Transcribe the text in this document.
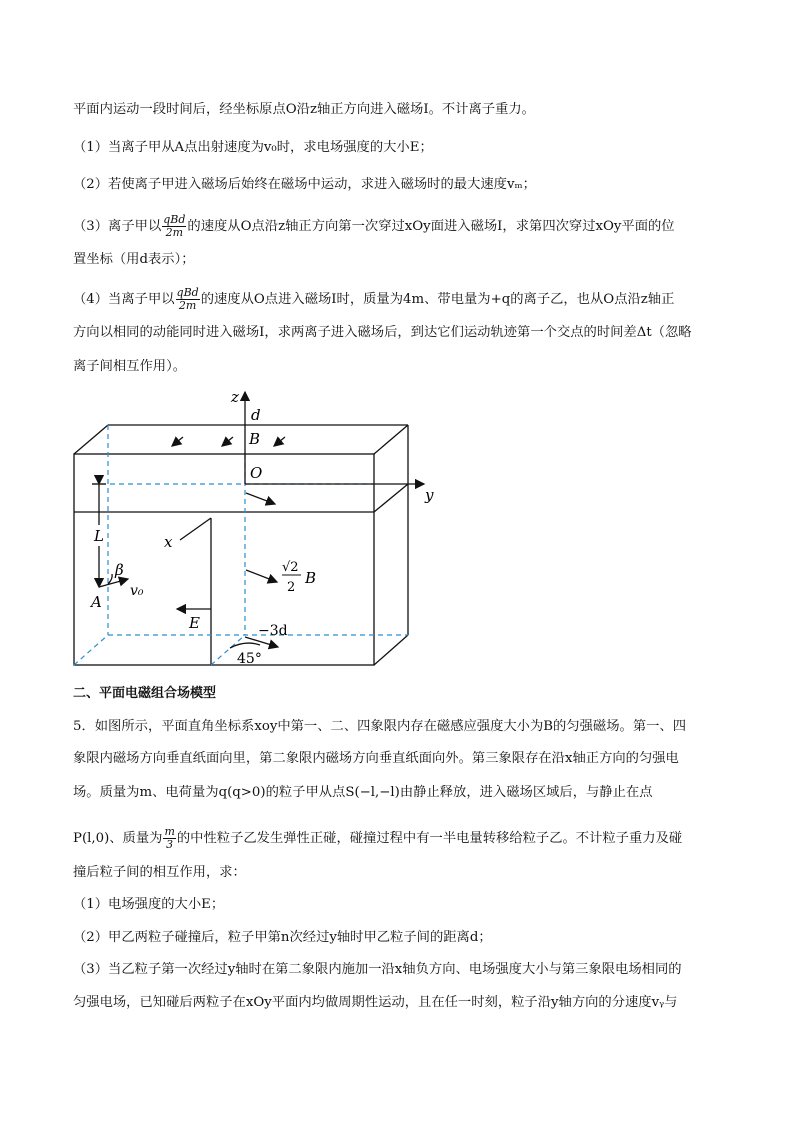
平面内运动一段时间后，经坐标原点O沿z轴正方向进入磁场Ⅰ。不计离子重力。
（1）当离子甲从A点出射速度为v₀时，求电场强度的大小E；
（2）若使离子甲进入磁场后始终在磁场中运动，求进入磁场时的最大速度vₘ；
（3）离子甲以 $\frac{\text{qBd}}{2m}$ 的速度从O点沿z轴正方向第一次穿过xOy面进入磁场Ⅰ，求第四次穿过xOy平面的位
置坐标（用d表示）；
（4）当离子甲以 $\frac{\text{qBd}}{2m}$ 的速度从O点进入磁场Ⅰ时，质量为4m、带电量为+q的离子乙，也从O点沿z轴正
方向以相同的动能同时进入磁场Ⅰ，求两离子进入磁场后，到达它们运动轨迹第一个交点的时间差Δt（忽略
离子间相互作用）。
z
d
B
O
y
x
L
β
v₀
A
√2
2
B
E	−3d
45°
二、平面电磁组合场模型
5．如图所示，平面直角坐标系xoy中第一、二、四象限内存在磁感应强度大小为B的匀强磁场。第一、四
象限内磁场方向垂直纸面向里，第二象限内磁场方向垂直纸面向外。第三象限存在沿x轴正方向的匀强电
场。质量为m、电荷量为q(q>0)的粒子甲从点S(−l,−l)由静止释放，进入磁场区域后，与静止在点
P(l,0)、质量为 $\frac{m}{3}$ 的中性粒子乙发生弹性正碰，碰撞过程中有一半电量转移给粒子乙。不计粒子重力及碰
撞后粒子间的相互作用，求：
（1）电场强度的大小E；
（2）甲乙两粒子碰撞后，粒子甲第n次经过y轴时甲乙粒子间的距离d；
（3）当乙粒子第一次经过y轴时在第二象限内施加一沿x轴负方向、电场强度大小与第三象限电场相同的
匀强电场，已知碰后两粒子在xOy平面内均做周期性运动，且在任一时刻，粒子沿y轴方向的分速度vᵧ与
